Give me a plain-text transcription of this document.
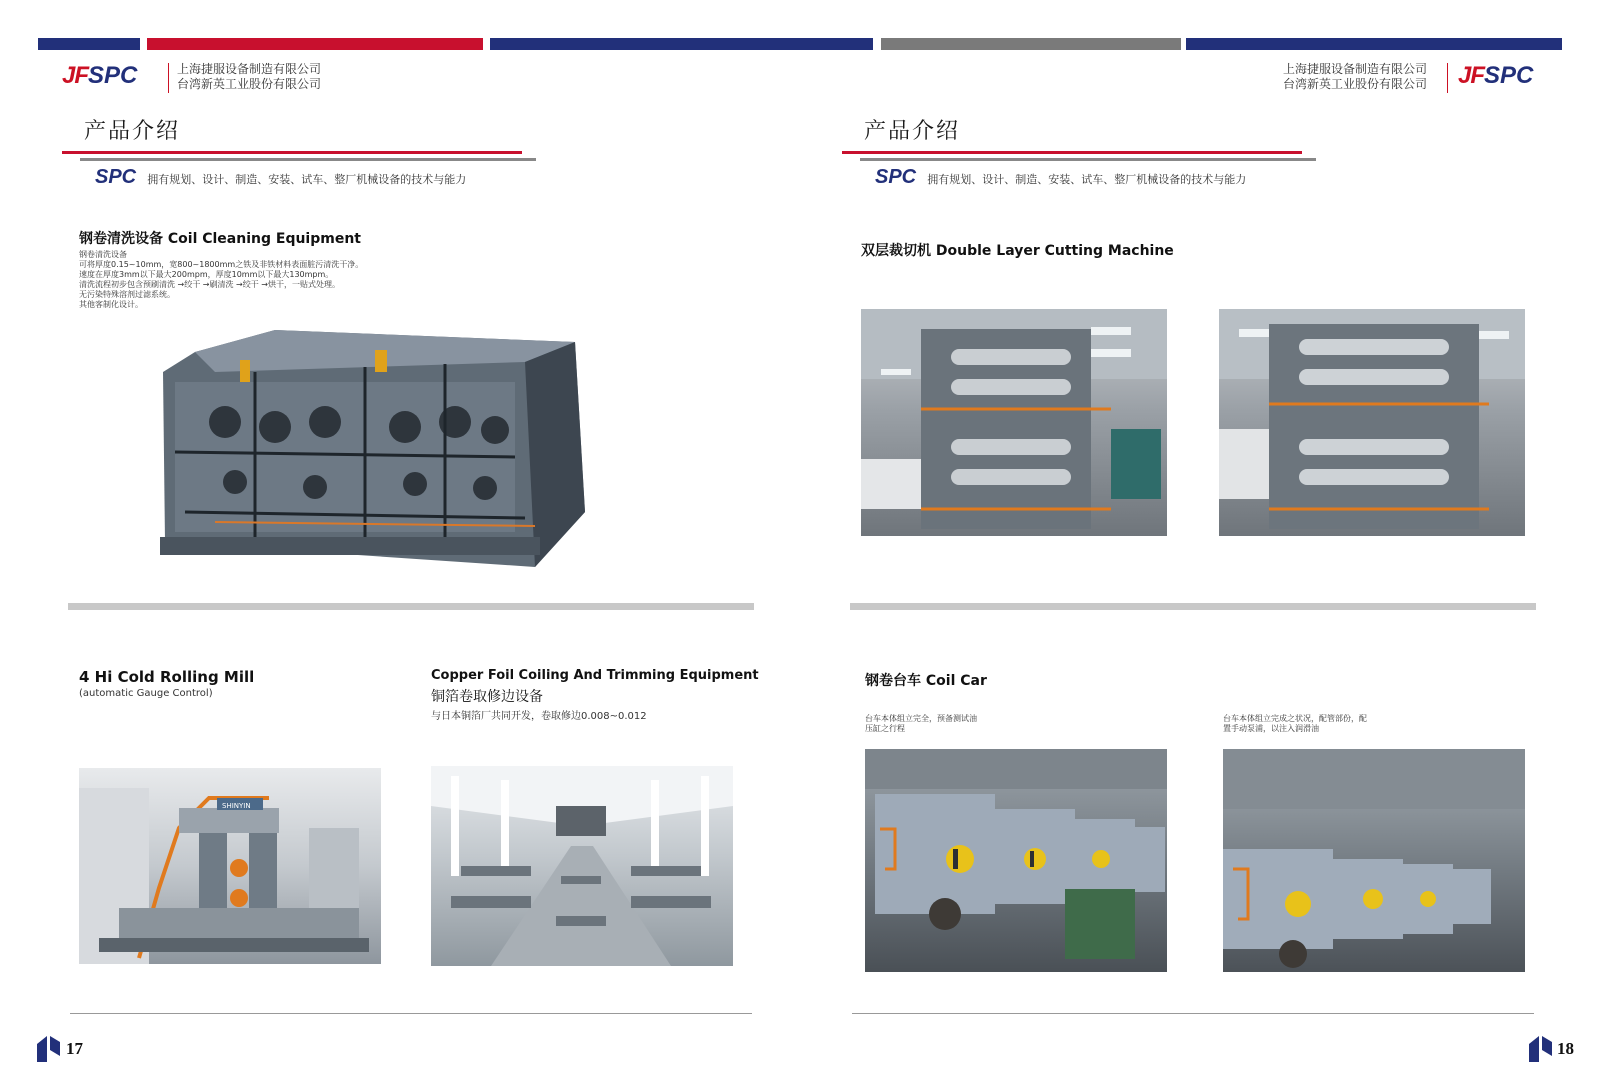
JFSPC	上海捷服设备制造有限公司
台湾新英工业股份有限公司
产品介绍
SPC 拥有规划、设计、制造、安装、试车、整厂机械设备的技术与能力
钢卷清洗设备 Coil Cleaning Equipment
钢卷清洗设备
可将厚度0.15~10mm，宽800~1800mm之铁及非铁材料表面脏污清洗干净。
速度在厚度3mm以下最大200mpm，厚度10mm以下最大130mpm。
清洗流程初步包含预刷清洗 →绞干 →刷清洗 →绞干 →烘干，一贴式处理。
无污染特殊溶剂过滤系统。
其他客制化设计。
4 Hi Cold Rolling Mill
(automatic Gauge Control)
SHINYIN
Copper Foil Coiling And Trimming Equipment
铜箔卷取修边设备
与日本铜箔厂共同开发，卷取修边0.008~0.012
17
上海捷服设备制造有限公司
台湾新英工业股份有限公司 JFSPC
产品介绍
SPC 拥有规划、设计、制造、安装、试车、整厂机械设备的技术与能力
双层裁切机 Double Layer Cutting Machine
钢卷台车 Coil Car
台车本体组立完全，预备测试油
压缸之行程
台车本体组立完成之状况，配管部份，配
置手动泵浦，以注入润滑油
18
